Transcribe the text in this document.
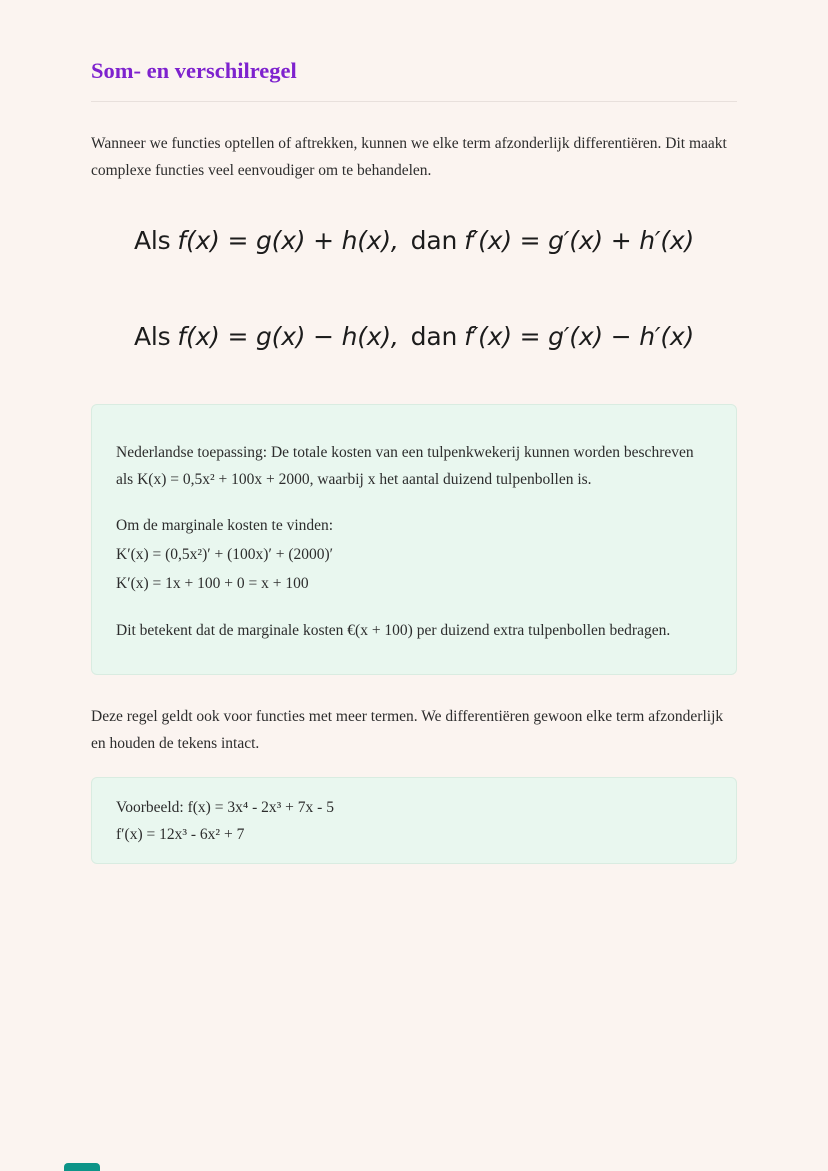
Som- en verschilregel

Wanneer we functies optellen of aftrekken, kunnen we elke term afzonderlijk differentiëren. Dit maakt complexe functies veel eenvoudiger om te behandelen.

Als f(x) = g(x) + h(x), dan f′(x) = g′(x) + h′(x)
Als f(x) = g(x) − h(x), dan f′(x) = g′(x) − h′(x)

Nederlandse toepassing: De totale kosten van een tulpenkwekerij kunnen worden beschreven als K(x) = 0,5x² + 100x + 2000, waarbij x het aantal duizend tulpenbollen is.

Om de marginale kosten te vinden:
K′(x) = (0,5x²)′ + (100x)′ + (2000)′
K′(x) = 1x + 100 + 0 = x + 100

Dit betekent dat de marginale kosten €(x + 100) per duizend extra tulpenbollen bedragen.

Deze regel geldt ook voor functies met meer termen. We differentiëren gewoon elke term afzonderlijk en houden de tekens intact.

Voorbeeld: f(x) = 3x⁴ - 2x³ + 7x - 5
f′(x) = 12x³ - 6x² + 7
